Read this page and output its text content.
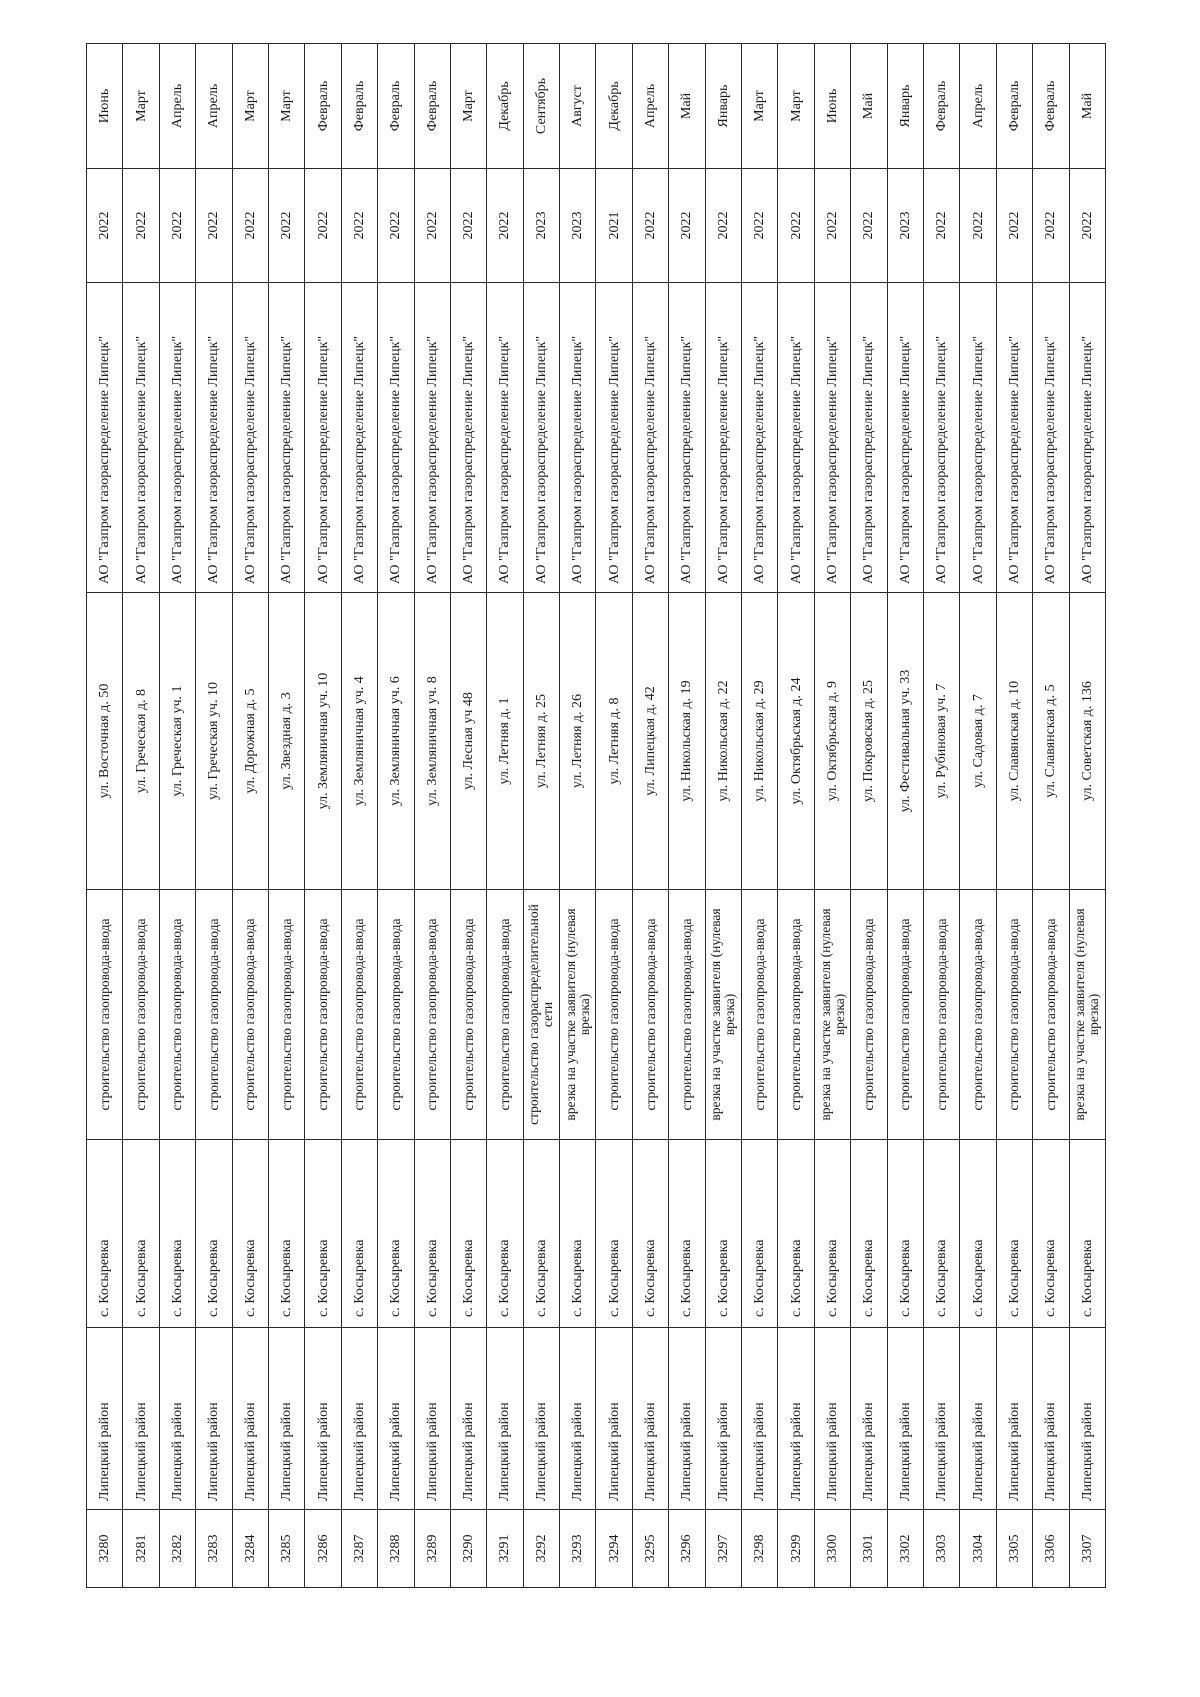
3280	Липецкий район	с. Косыревка	строительство газопровода-ввода	ул. Восточная д. 50	АО "Газпром газораспределение Липецк"	2022	Июнь
3281	Липецкий район	с. Косыревка	строительство газопровода-ввода	ул. Греческая д. 8	АО "Газпром газораспределение Липецк"	2022	Март
3282	Липецкий район	с. Косыревка	строительство газопровода-ввода	ул. Греческая уч. 1	АО "Газпром газораспределение Липецк"	2022	Апрель
3283	Липецкий район	с. Косыревка	строительство газопровода-ввода	ул. Греческая уч. 10	АО "Газпром газораспределение Липецк"	2022	Апрель
3284	Липецкий район	с. Косыревка	строительство газопровода-ввода	ул. Дорожная д. 5	АО "Газпром газораспределение Липецк"	2022	Март
3285	Липецкий район	с. Косыревка	строительство газопровода-ввода	ул. Звездная д. 3	АО "Газпром газораспределение Липецк"	2022	Март
3286	Липецкий район	с. Косыревка	строительство газопровода-ввода	ул. Земляничная уч. 10	АО "Газпром газораспределение Липецк"	2022	Февраль
3287	Липецкий район	с. Косыревка	строительство газопровода-ввода	ул. Земляничная уч. 4	АО "Газпром газораспределение Липецк"	2022	Февраль
3288	Липецкий район	с. Косыревка	строительство газопровода-ввода	ул. Земляничная уч. 6	АО "Газпром газораспределение Липецк"	2022	Февраль
3289	Липецкий район	с. Косыревка	строительство газопровода-ввода	ул. Земляничная уч. 8	АО "Газпром газораспределение Липецк"	2022	Февраль
3290	Липецкий район	с. Косыревка	строительство газопровода-ввода	ул. Лесная уч 48	АО "Газпром газораспределение Липецк"	2022	Март
3291	Липецкий район	с. Косыревка	строительство газопровода-ввода	ул. Летняя д. 1	АО "Газпром газораспределение Липецк"	2022	Декабрь
3292	Липецкий район	с. Косыревка	строительство газораспределительной сети	ул. Летняя д. 25	АО "Газпром газораспределение Липецк"	2023	Сентябрь
3293	Липецкий район	с. Косыревка	врезка на участке заявителя (нулевая врезка)	ул. Летняя д. 26	АО "Газпром газораспределение Липецк"	2023	Август
3294	Липецкий район	с. Косыревка	строительство газопровода-ввода	ул. Летняя д. 8	АО "Газпром газораспределение Липецк"	2021	Декабрь
3295	Липецкий район	с. Косыревка	строительство газопровода-ввода	ул. Липецкая д. 42	АО "Газпром газораспределение Липецк"	2022	Апрель
3296	Липецкий район	с. Косыревка	строительство газопровода-ввода	ул. Никольская д. 19	АО "Газпром газораспределение Липецк"	2022	Май
3297	Липецкий район	с. Косыревка	врезка на участке заявителя (нулевая врезка)	ул. Никольская д. 22	АО "Газпром газораспределение Липецк"	2022	Январь
3298	Липецкий район	с. Косыревка	строительство газопровода-ввода	ул. Никольская д. 29	АО "Газпром газораспределение Липецк"	2022	Март
3299	Липецкий район	с. Косыревка	строительство газопровода-ввода	ул. Октябрьская д. 24	АО "Газпром газораспределение Липецк"	2022	Март
3300	Липецкий район	с. Косыревка	врезка на участке заявителя (нулевая врезка)	ул. Октябрьская д. 9	АО "Газпром газораспределение Липецк"	2022	Июнь
3301	Липецкий район	с. Косыревка	строительство газопровода-ввода	ул. Покровская д. 25	АО "Газпром газораспределение Липецк"	2022	Май
3302	Липецкий район	с. Косыревка	строительство газопровода-ввода	ул. Фестивальная уч. 33	АО "Газпром газораспределение Липецк"	2023	Январь
3303	Липецкий район	с. Косыревка	строительство газопровода-ввода	ул. Рубиновая уч. 7	АО "Газпром газораспределение Липецк"	2022	Февраль
3304	Липецкий район	с. Косыревка	строительство газопровода-ввода	ул. Садовая д. 7	АО "Газпром газораспределение Липецк"	2022	Апрель
3305	Липецкий район	с. Косыревка	строительство газопровода-ввода	ул. Славянская д. 10	АО "Газпром газораспределение Липецк"	2022	Февраль
3306	Липецкий район	с. Косыревка	строительство газопровода-ввода	ул. Славянская д. 5	АО "Газпром газораспределение Липецк"	2022	Февраль
3307	Липецкий район	с. Косыревка	врезка на участке заявителя (нулевая врезка)	ул. Советская д. 136	АО "Газпром газораспределение Липецк"	2022	Май
